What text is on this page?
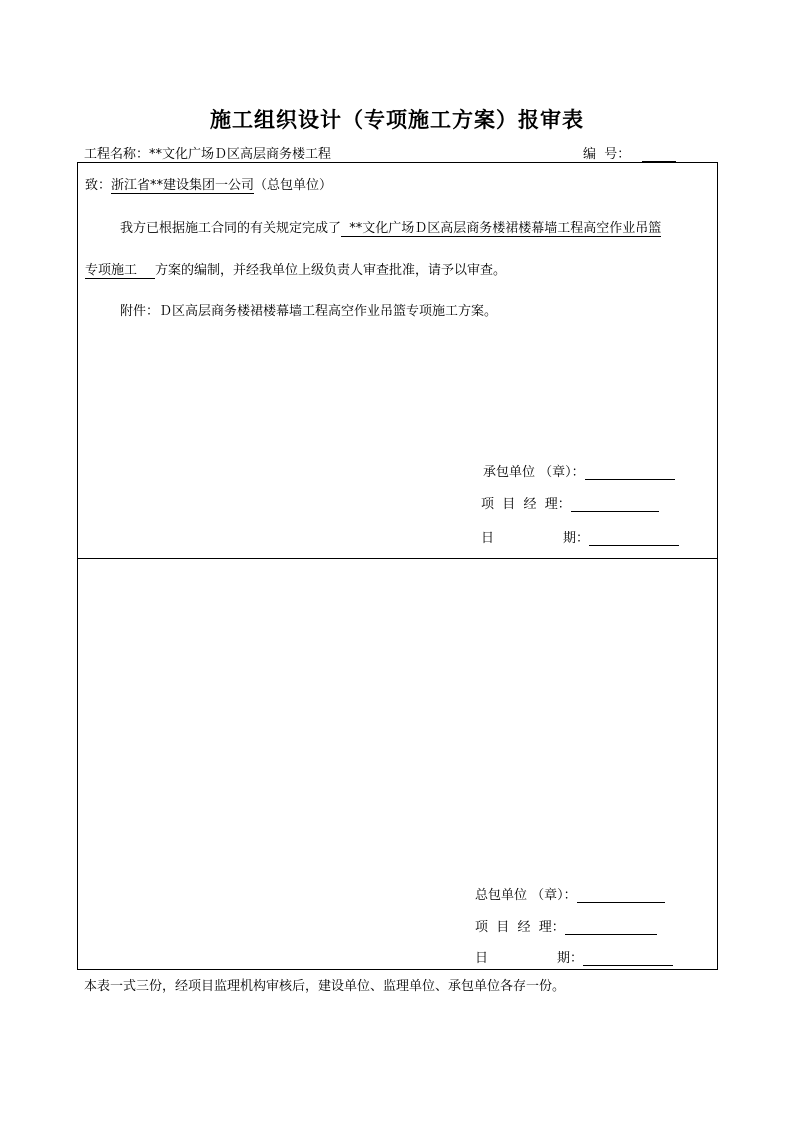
施工组织设计（专项施工方案）报审表
工程名称：**文化广场Ｄ区高层商务楼工程	编  号：
致：浙江省**建设集团一公司（总包单位）
我方已根据施工合同的有关规定完成了  **文化广场Ｄ区高层商务楼裙楼幕墙工程高空作业吊篮
专项施工 方案的编制，并经我单位上级负责人审查批准，请予以审查。
附件：Ｄ区高层商务楼裙楼幕墙工程高空作业吊篮专项施工方案。
承包单位 （章）：
项  目  经  理：
日	期：
总包单位 （章）：
项  目  经  理：
日	期：
本表一式三份，经项目监理机构审核后，建设单位、监理单位、承包单位各存一份。
